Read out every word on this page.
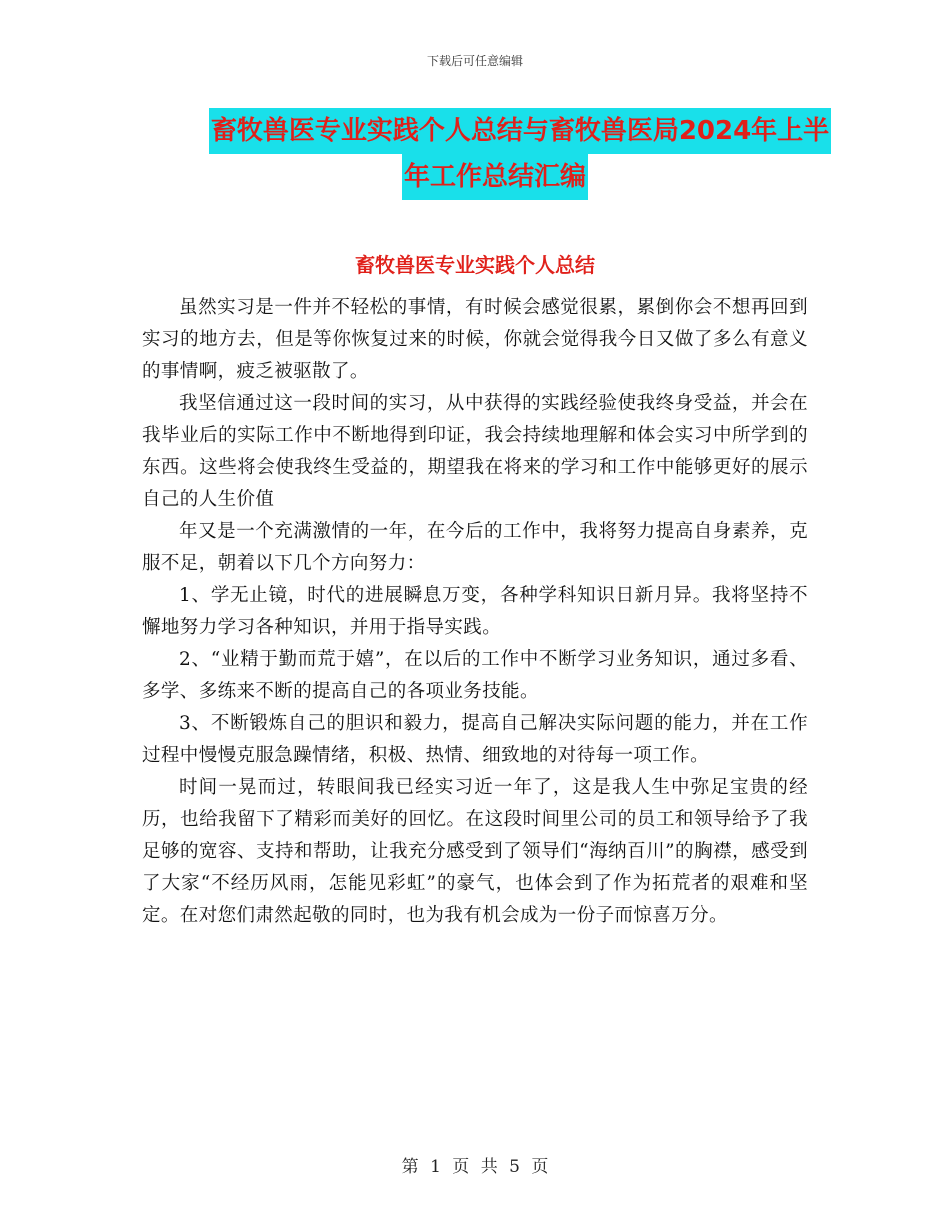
下载后可任意编辑
畜牧兽医专业实践个人总结与畜牧兽医局2024年上半
年工作总结汇编
畜牧兽医专业实践个人总结

虽然实习是一件并不轻松的事情，有时候会感觉很累，累倒你会不想再回到实习的地方去，但是等你恢复过来的时候，你就会觉得我今日又做了多么有意义的事情啊，疲乏被驱散了。

我坚信通过这一段时间的实习，从中获得的实践经验使我终身受益，并会在我毕业后的实际工作中不断地得到印证，我会持续地理解和体会实习中所学到的东西。这些将会使我终生受益的，期望我在将来的学习和工作中能够更好的展示自己的人生价值

年又是一个充满激情的一年，在今后的工作中，我将努力提高自身素养，克服不足，朝着以下几个方向努力：

1、学无止镜，时代的进展瞬息万变，各种学科知识日新月异。我将坚持不懈地努力学习各种知识，并用于指导实践。

2、“业精于勤而荒于嬉”，在以后的工作中不断学习业务知识，通过多看、多学、多练来不断的提高自己的各项业务技能。

3、不断锻炼自己的胆识和毅力，提高自己解决实际问题的能力，并在工作过程中慢慢克服急躁情绪，积极、热情、细致地的对待每一项工作。

时间一晃而过，转眼间我已经实习近一年了，这是我人生中弥足宝贵的经历，也给我留下了精彩而美好的回忆。在这段时间里公司的员工和领导给予了我足够的宽容、支持和帮助，让我充分感受到了领导们“海纳百川”的胸襟，感受到了大家“不经历风雨，怎能见彩虹”的豪气，也体会到了作为拓荒者的艰难和坚定。在对您们肃然起敬的同时，也为我有机会成为一份子而惊喜万分。

第 1 页 共 5 页
